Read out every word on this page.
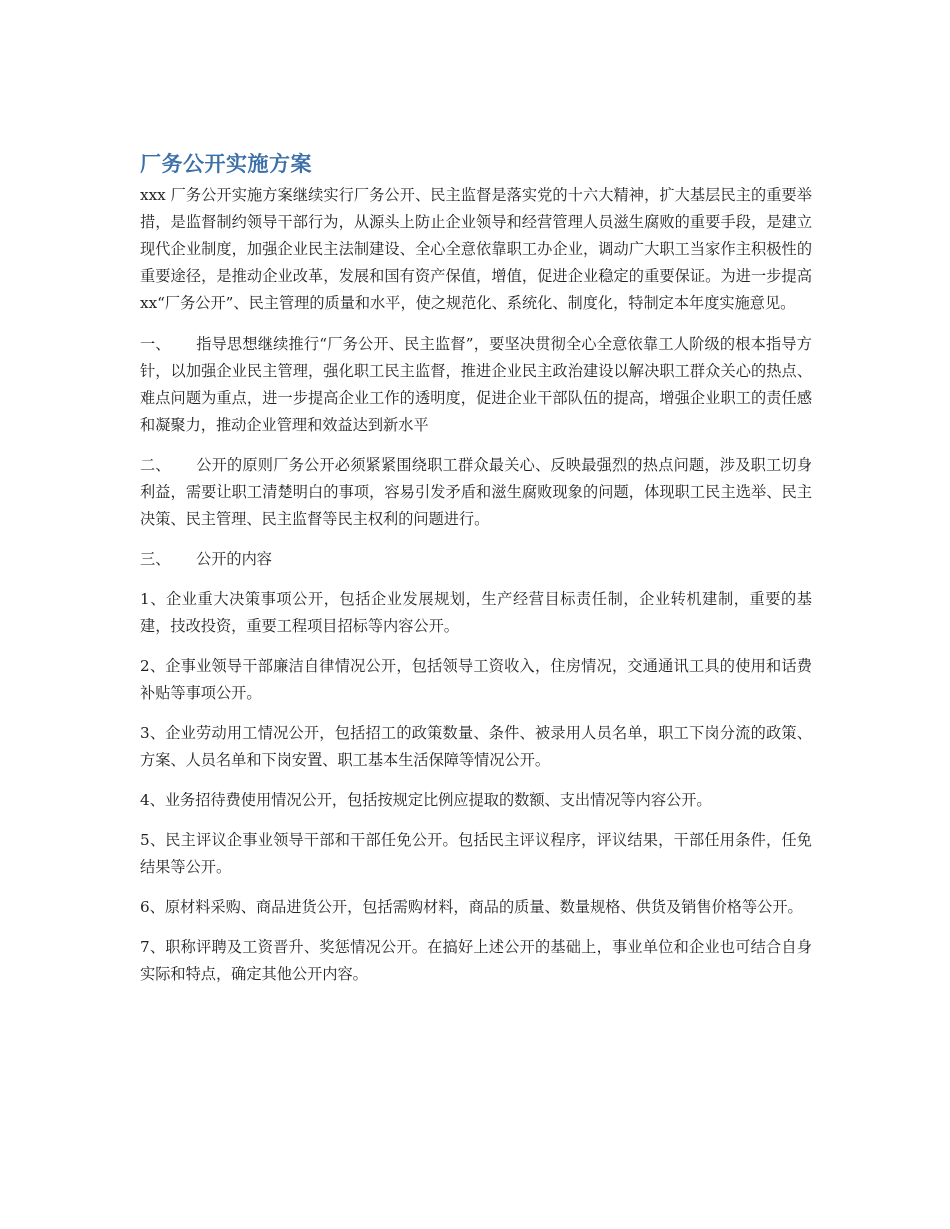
厂务公开实施方案

xxx 厂务公开实施方案继续实行厂务公开、民主监督是落实党的十六大精神，扩大基层民主的重要举措，是监督制约领导干部行为，从源头上防止企业领导和经营管理人员滋生腐败的重要手段，是建立现代企业制度，加强企业民主法制建设、全心全意依靠职工办企业，调动广大职工当家作主积极性的重要途径，是推动企业改革，发展和国有资产保值，增值，促进企业稳定的重要保证。为进一步提高 xx“厂务公开”、民主管理的质量和水平，使之规范化、系统化、制度化，特制定本年度实施意见。

一、 指导思想继续推行“厂务公开、民主监督”，要坚决贯彻全心全意依靠工人阶级的根本指导方针，以加强企业民主管理，强化职工民主监督，推进企业民主政治建设以解决职工群众关心的热点、难点问题为重点，进一步提高企业工作的透明度，促进企业干部队伍的提高，增强企业职工的责任感和凝聚力，推动企业管理和效益达到新水平

二、 公开的原则厂务公开必须紧紧围绕职工群众最关心、反映最强烈的热点问题，涉及职工切身利益，需要让职工清楚明白的事项，容易引发矛盾和滋生腐败现象的问题，体现职工民主选举、民主决策、民主管理、民主监督等民主权利的问题进行。

三、 公开的内容

1、企业重大决策事项公开，包括企业发展规划，生产经营目标责任制，企业转机建制，重要的基建，技改投资，重要工程项目招标等内容公开。

2、企事业领导干部廉洁自律情况公开，包括领导工资收入，住房情况，交通通讯工具的使用和话费补贴等事项公开。

3、企业劳动用工情况公开，包括招工的政策数量、条件、被录用人员名单，职工下岗分流的政策、方案、人员名单和下岗安置、职工基本生活保障等情况公开。

4、业务招待费使用情况公开，包括按规定比例应提取的数额、支出情况等内容公开。

5、民主评议企事业领导干部和干部任免公开。包括民主评议程序，评议结果，干部任用条件，任免结果等公开。

6、原材料采购、商品进货公开，包括需购材料，商品的质量、数量规格、供货及销售价格等公开。

7、职称评聘及工资晋升、奖惩情况公开。在搞好上述公开的基础上，事业单位和企业也可结合自身实际和特点，确定其他公开内容。
